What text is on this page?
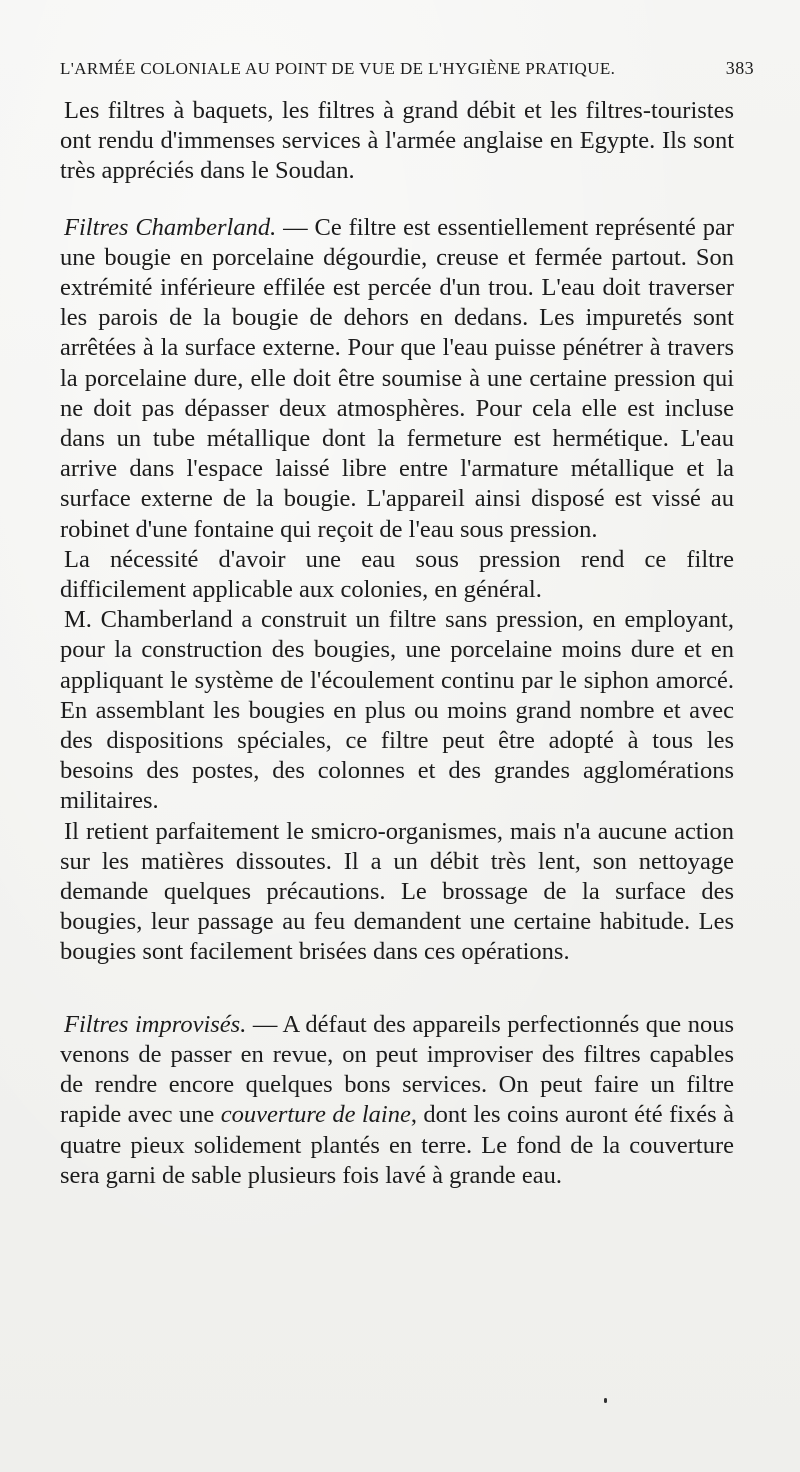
L'ARMÉE COLONIALE AU POINT DE VUE DE L'HYGIÈNE PRATIQUE.	383

Les filtres à baquets, les filtres à grand débit et les filtres-touristes ont rendu d'immenses services à l'armée anglaise en Egypte. Ils sont très appréciés dans le Soudan.

Filtres Chamberland. — Ce filtre est essentiellement représenté par une bougie en porcelaine dégourdie, creuse et fermée partout. Son extrémité inférieure effilée est percée d'un trou. L'eau doit traverser les parois de la bougie de dehors en dedans. Les impuretés sont arrêtées à la surface externe. Pour que l'eau puisse pénétrer à travers la porcelaine dure, elle doit être soumise à une certaine pression qui ne doit pas dépasser deux atmosphères. Pour cela elle est incluse dans un tube métallique dont la fermeture est hermétique. L'eau arrive dans l'espace laissé libre entre l'armature métallique et la surface externe de la bougie. L'appareil ainsi disposé est vissé au robinet d'une fontaine qui reçoit de l'eau sous pression.

La nécessité d'avoir une eau sous pression rend ce filtre difficilement applicable aux colonies, en général.

M. Chamberland a construit un filtre sans pression, en employant, pour la construction des bougies, une porcelaine moins dure et en appliquant le système de l'écoulement continu par le siphon amorcé. En assemblant les bougies en plus ou moins grand nombre et avec des dispositions spéciales, ce filtre peut être adopté à tous les besoins des postes, des colonnes et des grandes agglomérations militaires.

Il retient parfaitement le smicro-organismes, mais n'a aucune action sur les matières dissoutes. Il a un débit très lent, son nettoyage demande quelques précautions. Le brossage de la surface des bougies, leur passage au feu demandent une certaine habitude. Les bougies sont facilement brisées dans ces opérations.

Filtres improvisés. — A défaut des appareils perfectionnés que nous venons de passer en revue, on peut improviser des filtres capables de rendre encore quelques bons services. On peut faire un filtre rapide avec une couverture de laine, dont les coins auront été fixés à quatre pieux solidement plantés en terre. Le fond de la couverture sera garni de sable plusieurs fois lavé à grande eau.
